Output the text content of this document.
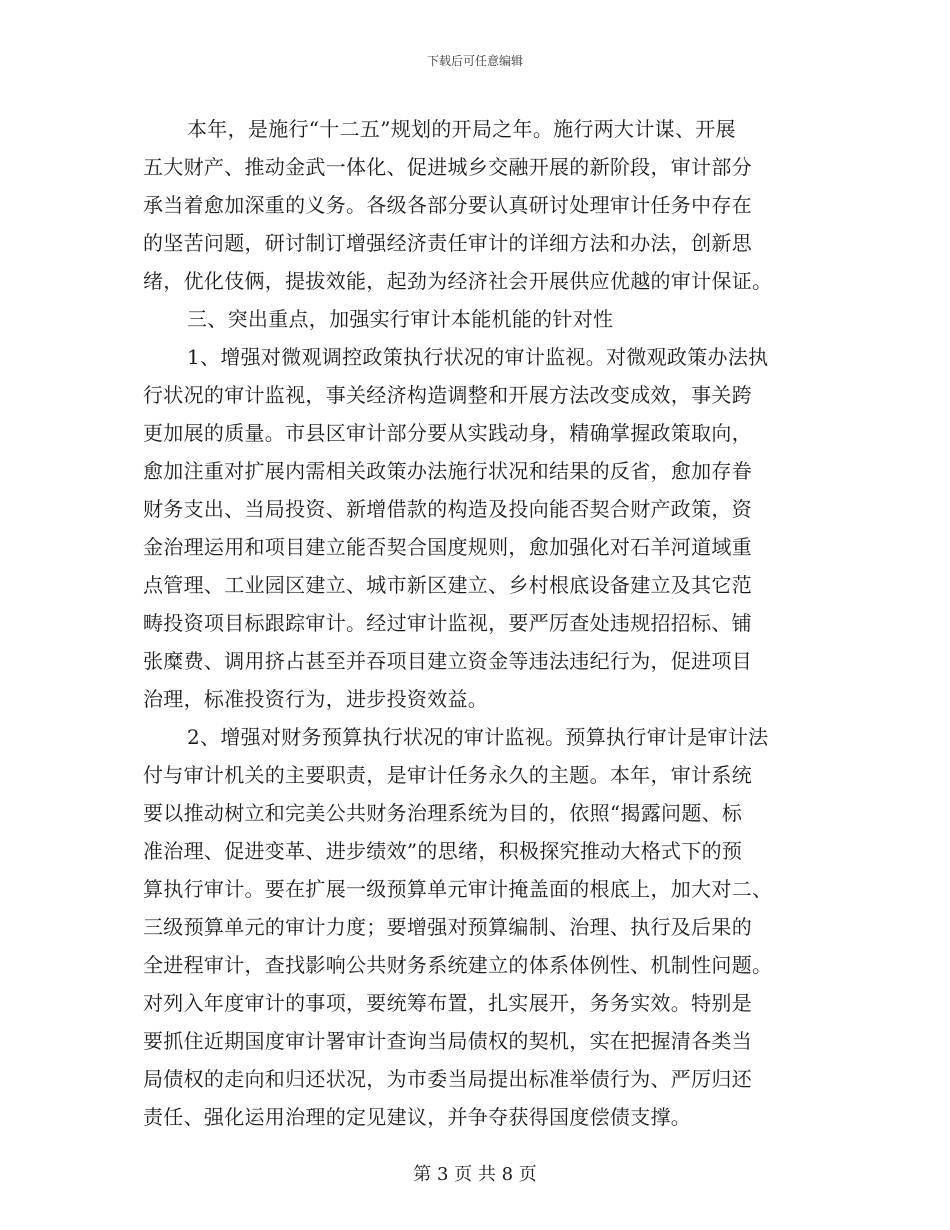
下载后可任意编辑
本年，是施行“十二五”规划的开局之年。施行两大计谋、开展
五大财产、推动金武一体化、促进城乡交融开展的新阶段，审计部分
承当着愈加深重的义务。各级各部分要认真研讨处理审计任务中存在
的坚苦问题，研讨制订增强经济责任审计的详细方法和办法，创新思
绪，优化伎俩，提拔效能，起劲为经济社会开展供应优越的审计保证。
三、突出重点，加强实行审计本能机能的针对性
1、增强对微观调控政策执行状况的审计监视。对微观政策办法执
行状况的审计监视，事关经济构造调整和开展方法改变成效，事关跨
更加展的质量。市县区审计部分要从实践动身，精确掌握政策取向，
愈加注重对扩展内需相关政策办法施行状况和结果的反省，愈加存眷
财务支出、当局投资、新增借款的构造及投向能否契合财产政策，资
金治理运用和项目建立能否契合国度规则，愈加强化对石羊河道域重
点管理、工业园区建立、城市新区建立、乡村根底设备建立及其它范
畴投资项目标跟踪审计。经过审计监视，要严厉查处违规招招标、铺
张糜费、调用挤占甚至并吞项目建立资金等违法违纪行为，促进项目
治理，标准投资行为，进步投资效益。
2、增强对财务预算执行状况的审计监视。预算执行审计是审计法
付与审计机关的主要职责，是审计任务永久的主题。本年，审计系统
要以推动树立和完美公共财务治理系统为目的，依照“揭露问题、标
准治理、促进变革、进步绩效”的思绪，积极探究推动大格式下的预
算执行审计。要在扩展一级预算单元审计掩盖面的根底上，加大对二、
三级预算单元的审计力度；要增强对预算编制、治理、执行及后果的
全进程审计，查找影响公共财务系统建立的体系体例性、机制性问题。
对列入年度审计的事项，要统筹布置，扎实展开，务务实效。特别是
要抓住近期国度审计署审计查询当局债权的契机，实在把握清各类当
局债权的走向和归还状况，为市委当局提出标准举债行为、严厉归还
责任、强化运用治理的定见建议，并争夺获得国度偿债支撑。
第 3 页 共 8 页
